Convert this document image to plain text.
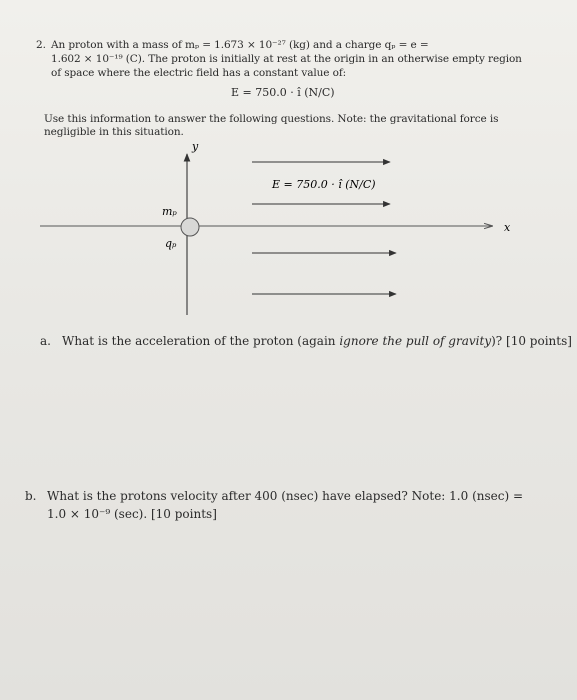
2. An proton with a mass of mₚ = 1.673 × 10⁻²⁷ (kg) and a charge qₚ = e =
1.602 × 10⁻¹⁹ (C). The proton is initially at rest at the origin in an otherwise empty region
of space where the electric field has a constant value of:
E = 750.0 · î (N/C)
Use this information to answer the following questions. Note: the gravitational force is
negligible in this situation.
y
x
E = 750.0 · î (N/C)
mₚ
qₚ
a. What is the acceleration of the proton (again ignore the pull of gravity)? [10 points]
b. What is the protons velocity after 400 (nsec) have elapsed? Note: 1.0 (nsec) =
1.0 × 10⁻⁹ (sec). [10 points]
